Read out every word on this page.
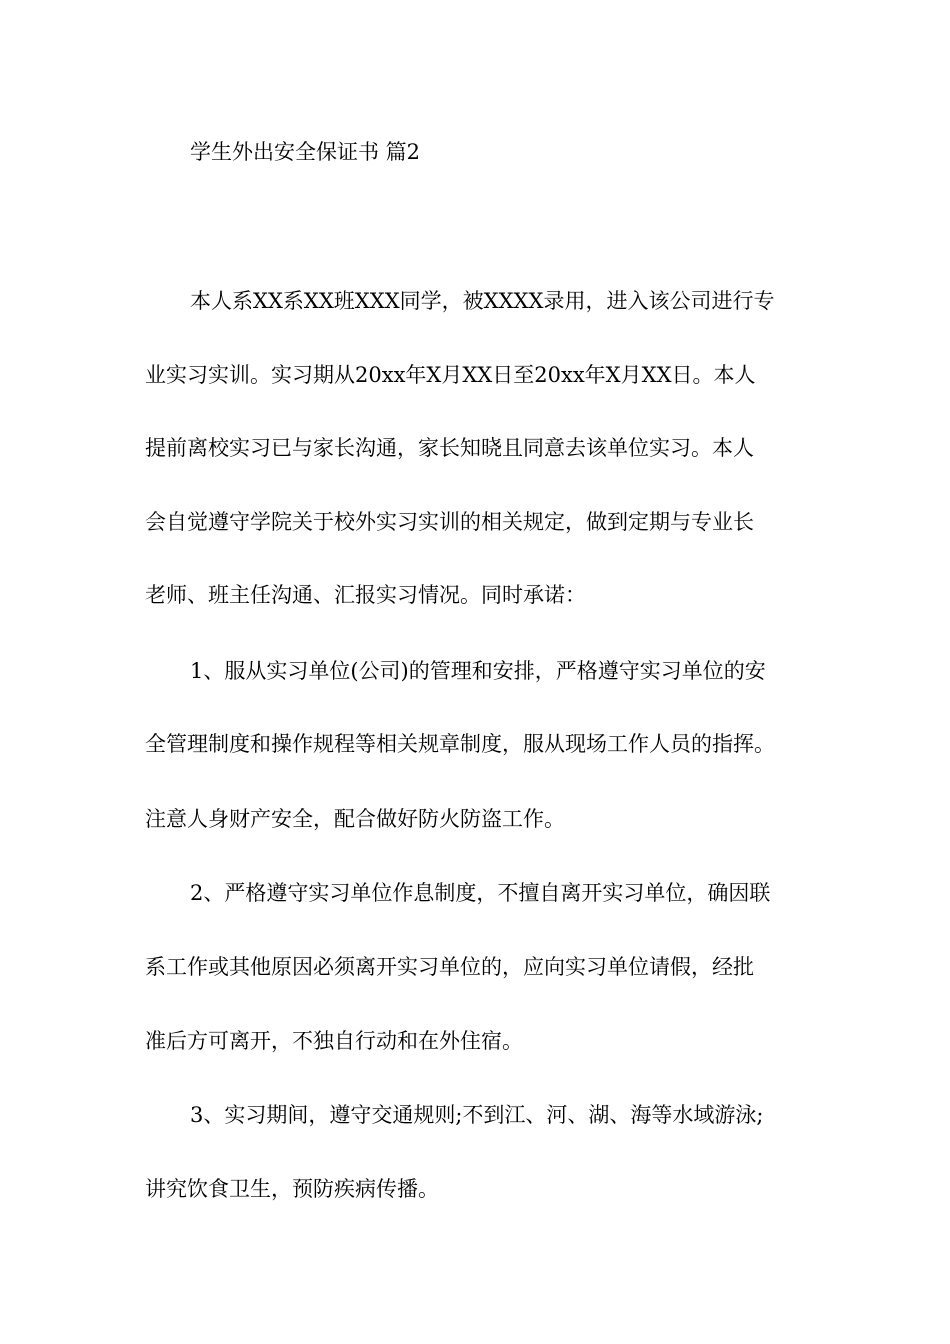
学生外出安全保证书 篇2

本人系XX系XX班XXX同学，被XXXX录用，进入该公司进行专

业实习实训。实习期从20xx年X月XX日至20xx年X月XX日。本人

提前离校实习已与家长沟通，家长知晓且同意去该单位实习。本人

会自觉遵守学院关于校外实习实训的相关规定，做到定期与专业长

老师、班主任沟通、汇报实习情况。同时承诺：

1、服从实习单位(公司)的管理和安排，严格遵守实习单位的安

全管理制度和操作规程等相关规章制度，服从现场工作人员的指挥。

注意人身财产安全，配合做好防火防盗工作。

2、严格遵守实习单位作息制度，不擅自离开实习单位，确因联

系工作或其他原因必须离开实习单位的，应向实习单位请假，经批

准后方可离开，不独自行动和在外住宿。

3、实习期间，遵守交通规则;不到江、河、湖、海等水域游泳;

讲究饮食卫生，预防疾病传播。
